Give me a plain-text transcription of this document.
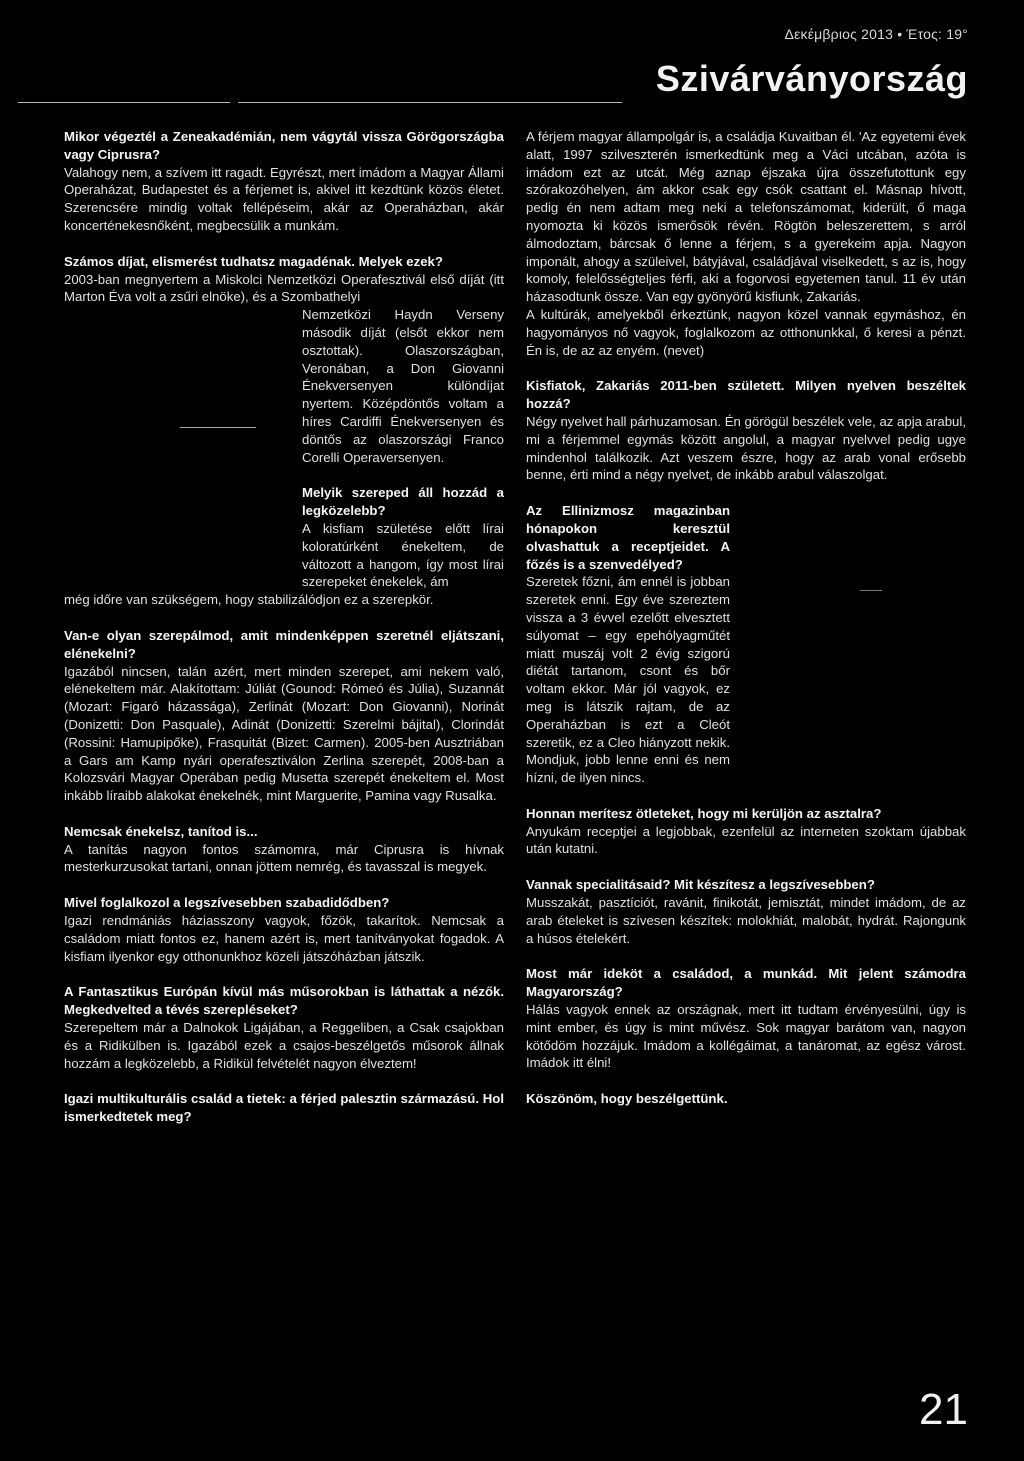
Δεκέμβριος 2013 • Έτος: 19°
Szivárványország

Mikor végeztél a Zeneakadémián, nem vágytál vissza Görögországba vagy Ciprusra?

Valahogy nem, a szívem itt ragadt. Egyrészt, mert imádom a Magyar Állami Operaházat, Budapestet és a férjemet is, akivel itt kezdtünk közös életet. Szerencsére mindig voltak fellépéseim, akár az Operaházban, akár koncerténekesnőként, megbecsülik a munkám.

Számos díjat, elismerést tudhatsz magadénak. Melyek ezek?

2003-ban megnyertem a Miskolci Nemzetközi Operafesztivál első díját (itt Marton Éva volt a zsűri elnöke), és a Szombathelyi

Nemzetközi Haydn Verseny második díját (elsőt ekkor nem osztottak). Olaszországban, Veronában, a Don Giovanni Énekversenyen különdíjat nyertem. Középdöntős voltam a híres Cardiffi Énekversenyen és döntős az olaszországi Franco Corelli Operaversenyen.

Melyik szereped áll hozzád a legközelebb?

A kisfiam születése előtt lírai koloratúrként énekeltem, de változott a hangom, így most lírai szerepeket énekelek, ám

még időre van szükségem, hogy stabilizálódjon ez a szerepkör.

Van-e olyan szerepálmod, amit mindenképpen szeretnél eljátszani, elénekelni?

Igazából nincsen, talán azért, mert minden szerepet, ami nekem való, elénekeltem már. Alakítottam: Júliát (Gounod: Rómeó és Júlia), Suzannát (Mozart: Figaró házassága), Zerlinát (Mozart: Don Giovanni), Norinát (Donizetti: Don Pasquale), Adinát (Donizetti: Szerelmi bájital), Clorindát (Rossini: Hamupipőke), Frasquitát (Bizet: Carmen). 2005-ben Ausztriában a Gars am Kamp nyári operafesztiválon Zerlina szerepét, 2008-ban a Kolozsvári Magyar Operában pedig Musetta szerepét énekeltem el. Most inkább líraibb alakokat énekelnék, mint Marguerite, Pamina vagy Rusalka.

Nemcsak énekelsz, tanítod is...

A tanítás nagyon fontos számomra, már Ciprusra is hívnak mesterkurzusokat tartani, onnan jöttem nemrég, és tavasszal is megyek.

Mivel foglalkozol a legszívesebben szabadidődben?

Igazi rendmániás háziasszony vagyok, főzök, takarítok. Nemcsak a családom miatt fontos ez, hanem azért is, mert tanítványokat fogadok. A kisfiam ilyenkor egy otthonunkhoz közeli játszóházban játszik.

A Fantasztikus Európán kívül más műsorokban is láthattak a nézők. Megkedvelted a tévés szerepléseket?

Szerepeltem már a Dalnokok Ligájában, a Reggeliben, a Csak csajokban és a Ridikülben is. Igazából ezek a csajos-beszélgetős műsorok állnak hozzám a legközelebb, a Ridikül felvételét nagyon élveztem!

Igazi multikulturális család a tietek: a férjed palesztin származású. Hol ismerkedtetek meg?

A férjem magyar állampolgár is, a családja Kuvaitban él. 'Az egyetemi évek alatt, 1997 szilveszterén ismerkedtünk meg a Váci utcában, azóta is imádom ezt az utcát. Még aznap éjszaka újra összefutottunk egy szórakozóhelyen, ám akkor csak egy csók csattant el. Másnap hívott, pedig én nem adtam meg neki a telefonszámomat, kiderült, ő maga nyomozta ki közös ismerősök révén. Rögtön beleszerettem, s arról álmodoztam, bárcsak ő lenne a férjem, s a gyerekeim apja. Nagyon imponált, ahogy a szüleivel, bátyjával, családjával viselkedett, s az is, hogy komoly, felelősségteljes férfi, aki a fogorvosi egyetemen tanul. 11 év után házasodtunk össze. Van egy gyönyörű kisfiunk, Zakariás.

A kultúrák, amelyekből érkeztünk, nagyon közel vannak egymáshoz, én hagyományos nő vagyok, foglalkozom az otthonunkkal, ő keresi a pénzt. Én is, de az az enyém. (nevet)

Kisfiatok, Zakariás 2011-ben született. Milyen nyelven beszéltek hozzá?

Négy nyelvet hall párhuzamosan. Én görögül beszélek vele, az apja arabul, mi a férjemmel egymás között angolul, a magyar nyelvvel pedig ugye mindenhol találkozik. Azt veszem észre, hogy az arab vonal erősebb benne, érti mind a négy nyelvet, de inkább arabul válaszolgat.

Az Ellinizmosz magazinban hónapokon keresztül olvashattuk a receptjeidet. A főzés is a szenvedélyed?

Szeretek főzni, ám ennél is jobban szeretek enni. Egy éve szereztem vissza a 3 évvel ezelőtt elvesztett súlyomat – egy epehólyagműtét miatt muszáj volt 2 évig szigorú diétát tartanom, csont és bőr voltam ekkor. Már jól vagyok, ez meg is látszik rajtam, de az Operaházban is ezt a Cleót szeretik, ez a Cleo hiányzott nekik. Mondjuk, jobb lenne enni és nem hízni, de ilyen nincs.

Honnan merítesz ötleteket, hogy mi kerüljön az asztalra?

Anyukám receptjei a legjobbak, ezenfelül az interneten szoktam újabbak után kutatni.

Vannak specialitásaid? Mit készítesz a legszívesebben?

Musszakát, pasztíciót, ravánit, finikotát, jemisztát, mindet imádom, de az arab ételeket is szívesen készítek: molokhiát, malobát, hydrát. Rajongunk a húsos ételekért.

Most már ideköt a családod, a munkád. Mit jelent számodra Magyarország?

Hálás vagyok ennek az országnak, mert itt tudtam érvényesülni, úgy is mint ember, és úgy is mint művész. Sok magyar barátom van, nagyon kötődöm hozzájuk. Imádom a kollégáimat, a tanáromat, az egész várost. Imádok itt élni!

Köszönöm, hogy beszélgettünk.

21
